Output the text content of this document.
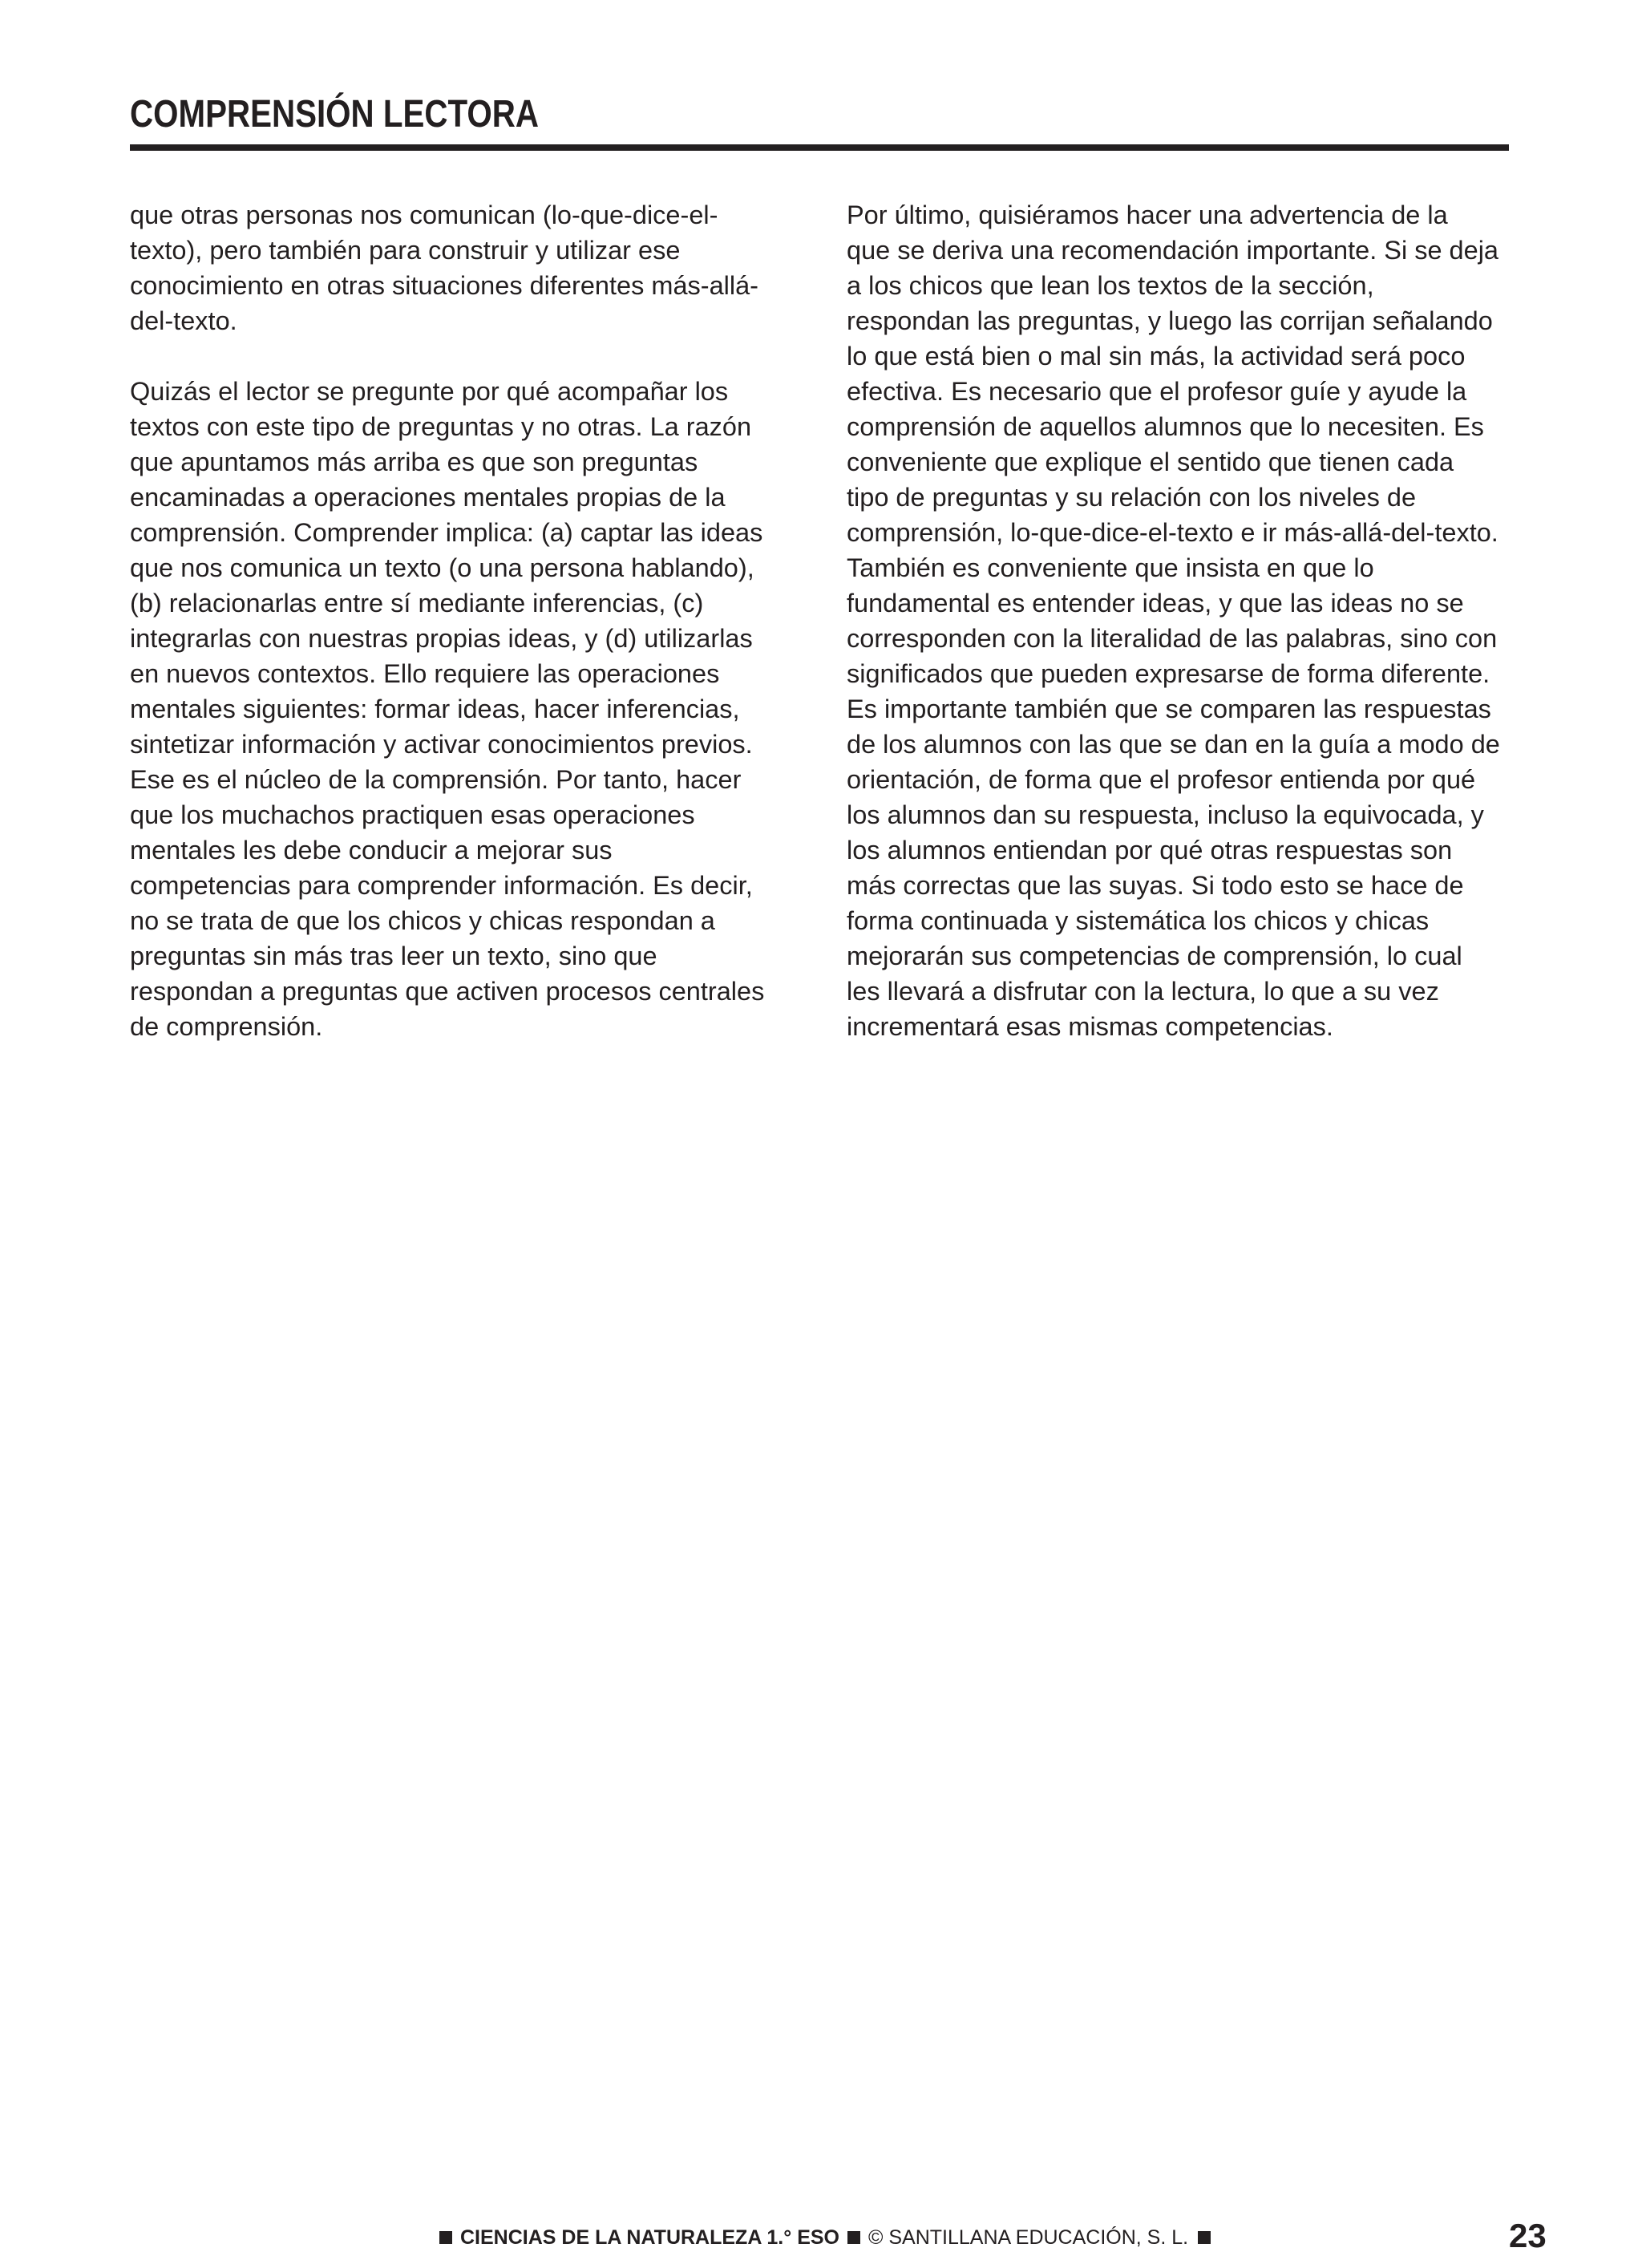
COMPRENSIÓN LECTORA

que otras personas nos comunican (lo-que-dice-el-
texto), pero también para construir y utilizar ese
conocimiento en otras situaciones diferentes más-allá-
del-texto.

Quizás el lector se pregunte por qué acompañar los
textos con este tipo de preguntas y no otras. La razón
que apuntamos más arriba es que son preguntas
encaminadas a operaciones mentales propias de la
comprensión. Comprender implica: (a) captar las ideas
que nos comunica un texto (o una persona hablando),
(b) relacionarlas entre sí mediante inferencias, (c)
integrarlas con nuestras propias ideas, y (d) utilizarlas
en nuevos contextos. Ello requiere las operaciones
mentales siguientes: formar ideas, hacer inferencias,
sintetizar información y activar conocimientos previos.
Ese es el núcleo de la comprensión. Por tanto, hacer
que los muchachos practiquen esas operaciones
mentales les debe conducir a mejorar sus
competencias para comprender información. Es decir,
no se trata de que los chicos y chicas respondan a
preguntas sin más tras leer un texto, sino que
respondan a preguntas que activen procesos centrales
de comprensión.

Por último, quisiéramos hacer una advertencia de la
que se deriva una recomendación importante. Si se deja
a los chicos que lean los textos de la sección,
respondan las preguntas, y luego las corrijan señalando
lo que está bien o mal sin más, la actividad será poco
efectiva. Es necesario que el profesor guíe y ayude la
comprensión de aquellos alumnos que lo necesiten. Es
conveniente que explique el sentido que tienen cada
tipo de preguntas y su relación con los niveles de
comprensión, lo-que-dice-el-texto e ir más-allá-del-texto.
También es conveniente que insista en que lo
fundamental es entender ideas, y que las ideas no se
corresponden con la literalidad de las palabras, sino con
significados que pueden expresarse de forma diferente.
Es importante también que se comparen las respuestas
de los alumnos con las que se dan en la guía a modo de
orientación, de forma que el profesor entienda por qué
los alumnos dan su respuesta, incluso la equivocada, y
los alumnos entiendan por qué otras respuestas son
más correctas que las suyas. Si todo esto se hace de
forma continuada y sistemática los chicos y chicas
mejorarán sus competencias de comprensión, lo cual
les llevará a disfrutar con la lectura, lo que a su vez
incrementará esas mismas competencias.

CIENCIAS DE LA NATURALEZA 1.° ESO © SANTILLANA EDUCACIÓN, S. L.	23
